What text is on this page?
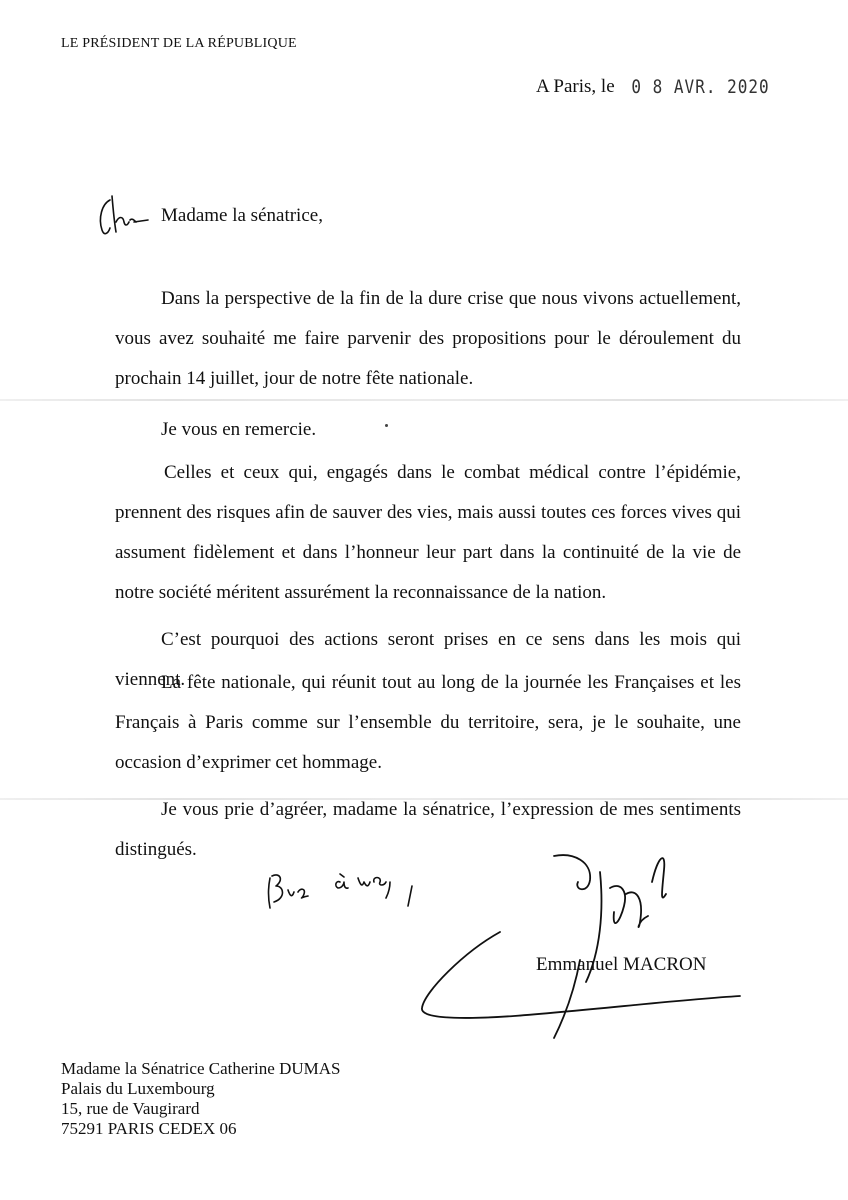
LE PRÉSIDENT DE LA RÉPUBLIQUE
A Paris, le 0 8 AVR. 2020
Madame la sénatrice,

Dans la perspective de la fin de la dure crise que nous vivons actuellement, vous avez souhaité me faire parvenir des propositions pour le déroulement du prochain 14 juillet, jour de notre fête nationale.

Je vous en remercie.

Celles et ceux qui, engagés dans le combat médical contre l’épidémie, prennent des risques afin de sauver des vies, mais aussi toutes ces forces vives qui assument fidèlement et dans l’honneur leur part dans la continuité de la vie de notre société méritent assurément la reconnaissance de la nation.

C’est pourquoi des actions seront prises en ce sens dans les mois qui viennent.

La fête nationale, qui réunit tout au long de la journée les Françaises et les Français à Paris comme sur l’ensemble du territoire, sera, je le souhaite, une occasion d’exprimer cet hommage.

Je vous prie d’agréer, madame la sénatrice, l’expression de mes sentiments distingués.

Emmanuel MACRON
Madame la Sénatrice Catherine DUMAS
Palais du Luxembourg
15, rue de Vaugirard
75291 PARIS CEDEX 06
